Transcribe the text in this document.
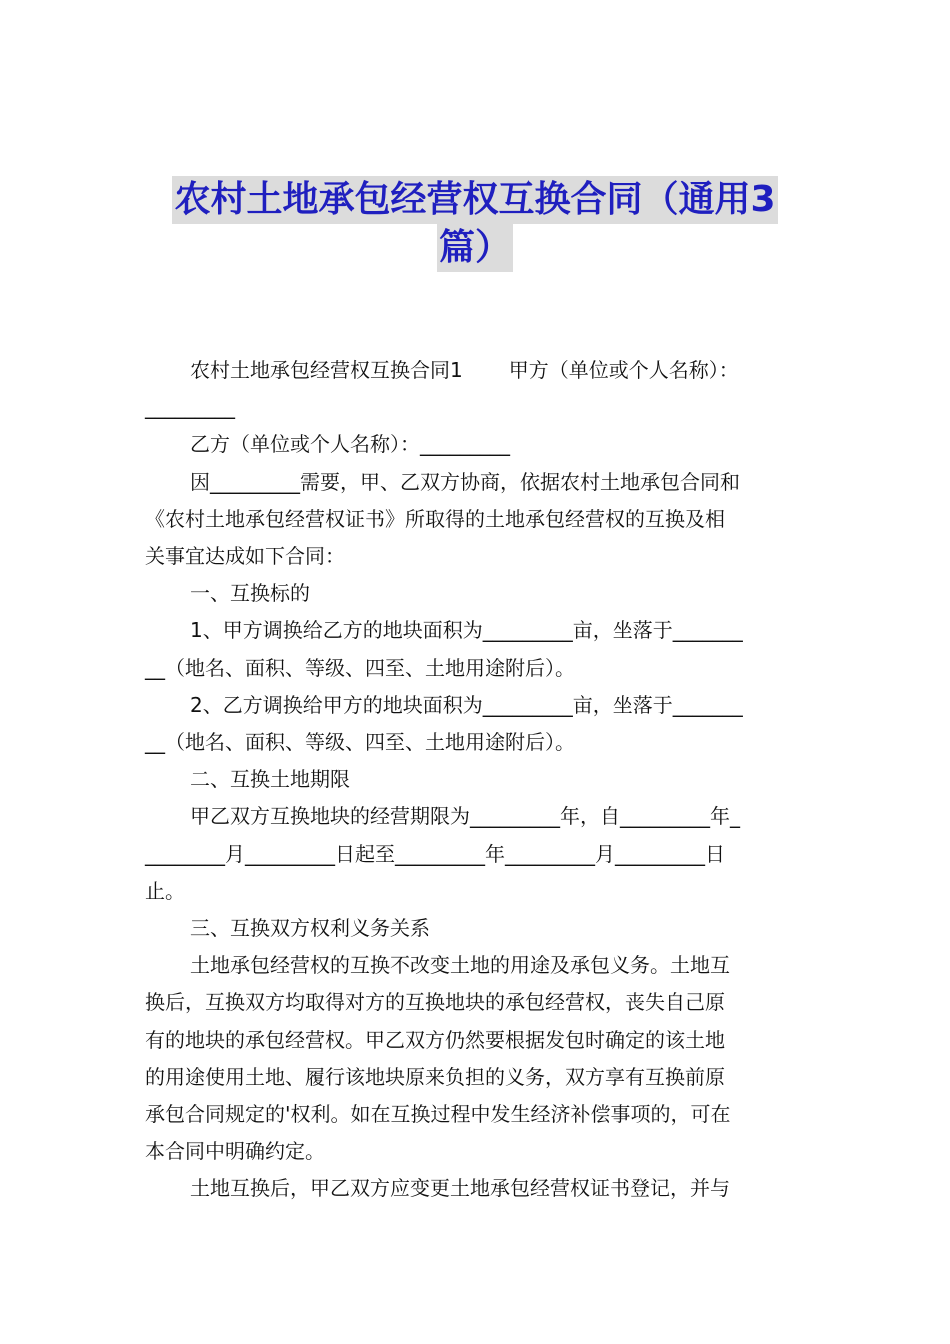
农村土地承包经营权互换合同（通用3
篇）

农村土地承包经营权互换合同1 甲方（单位或个人名称）：

_________

乙方（单位或个人名称）：_________

因_________需要，甲、乙双方协商，依据农村土地承包合同和

《农村土地承包经营权证书》所取得的土地承包经营权的互换及相

关事宜达成如下合同：

一、互换标的

1、甲方调换给乙方的地块面积为_________亩，坐落于_______

__（地名、面积、等级、四至、土地用途附后）。

2、乙方调换给甲方的地块面积为_________亩，坐落于_______

__（地名、面积、等级、四至、土地用途附后）。

二、互换土地期限

甲乙双方互换地块的经营期限为_________年，自_________年_

________月_________日起至_________年_________月_________日

止。

三、互换双方权利义务关系

土地承包经营权的互换不改变土地的用途及承包义务。土地互

换后，互换双方均取得对方的互换地块的承包经营权，丧失自己原

有的地块的承包经营权。甲乙双方仍然要根据发包时确定的该土地

的用途使用土地、履行该地块原来负担的义务，双方享有互换前原

承包合同规定的'权利。如在互换过程中发生经济补偿事项的，可在

本合同中明确约定。

土地互换后，甲乙双方应变更土地承包经营权证书登记，并与
